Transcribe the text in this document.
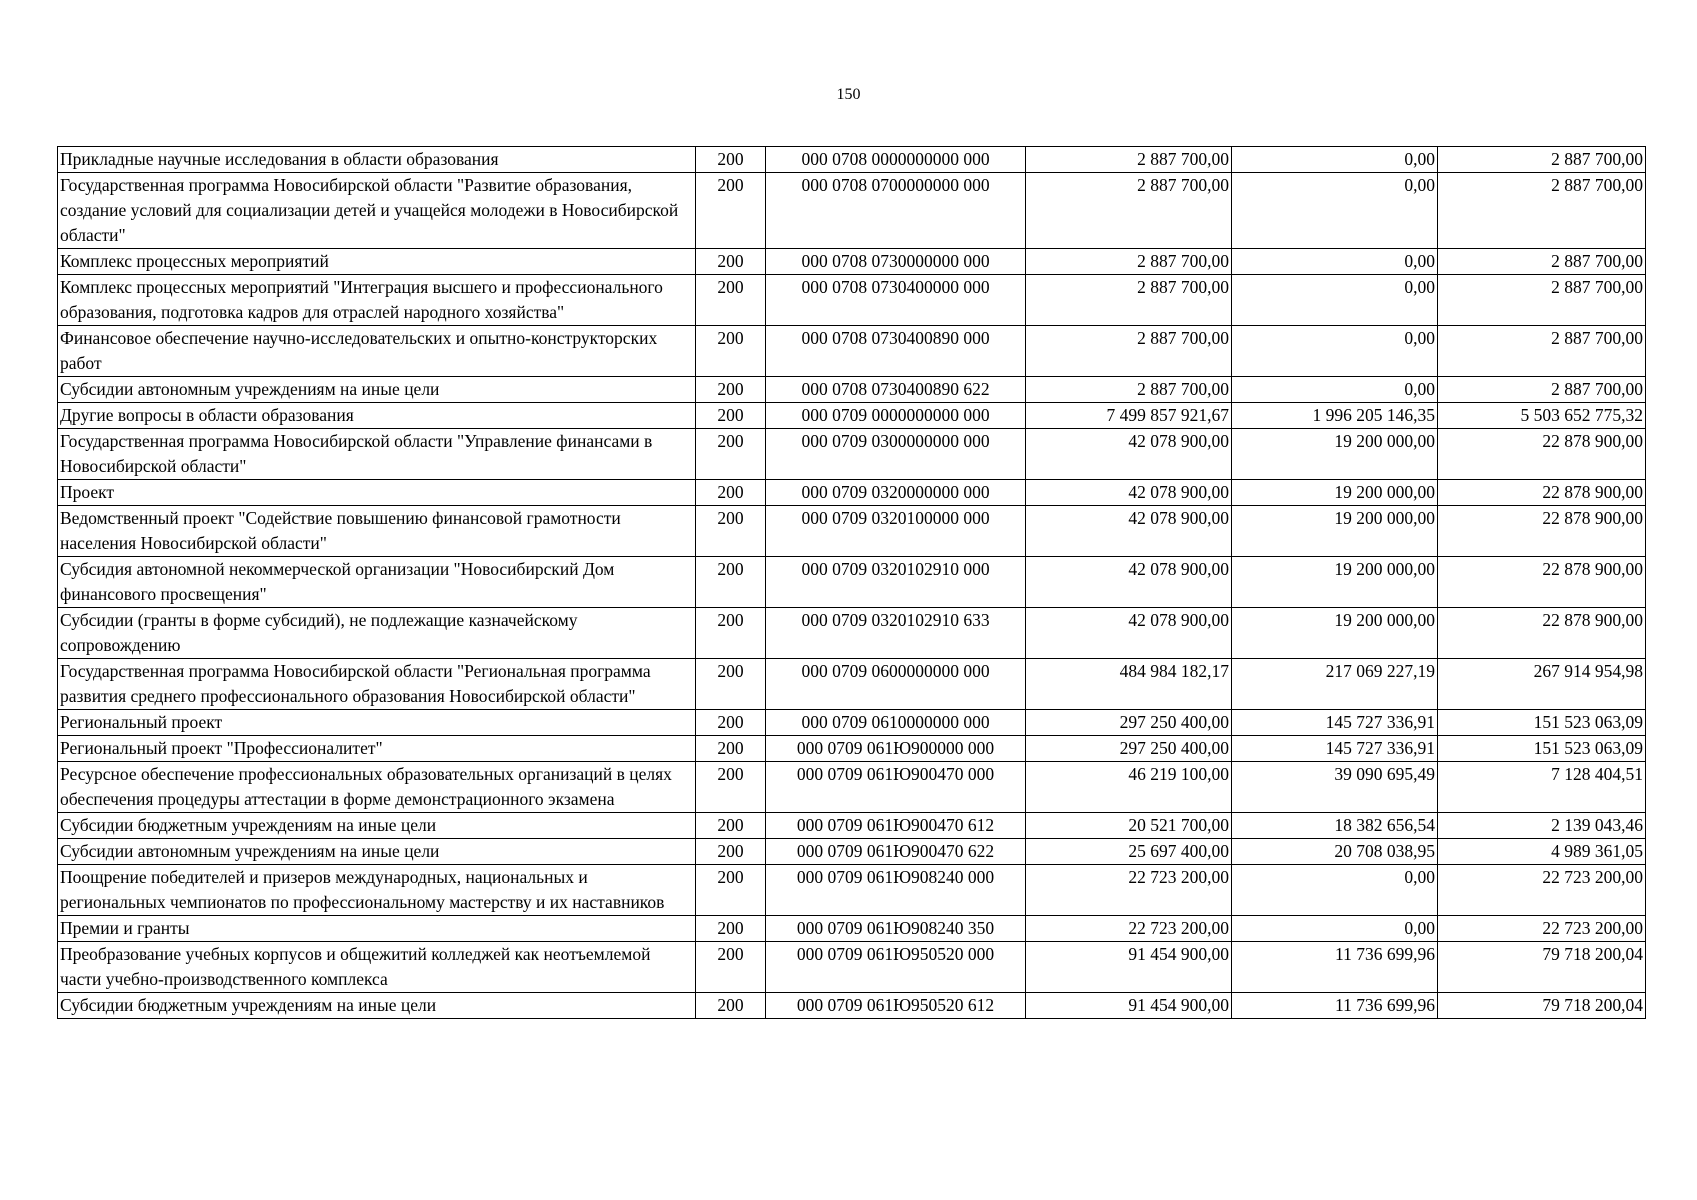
150
Прикладные научные исследования в области образования	200	000 0708 0000000000 000	2 887 700,00	0,00	2 887 700,00
Государственная программа Новосибирской области "Развитие образования, создание условий для социализации детей и учащейся молодежи в Новосибирской области"	200	000 0708 0700000000 000	2 887 700,00	0,00	2 887 700,00
Комплекс процессных мероприятий	200	000 0708 0730000000 000	2 887 700,00	0,00	2 887 700,00
Комплекс процессных мероприятий "Интеграция высшего и профессионального образования, подготовка кадров для отраслей народного хозяйства"	200	000 0708 0730400000 000	2 887 700,00	0,00	2 887 700,00
Финансовое обеспечение научно-исследовательских и опытно-конструкторских работ	200	000 0708 0730400890 000	2 887 700,00	0,00	2 887 700,00
Субсидии автономным учреждениям на иные цели	200	000 0708 0730400890 622	2 887 700,00	0,00	2 887 700,00
Другие вопросы в области образования	200	000 0709 0000000000 000	7 499 857 921,67	1 996 205 146,35	5 503 652 775,32
Государственная программа Новосибирской области "Управление финансами в Новосибирской области"	200	000 0709 0300000000 000	42 078 900,00	19 200 000,00	22 878 900,00
Проект	200	000 0709 0320000000 000	42 078 900,00	19 200 000,00	22 878 900,00
Ведомственный проект "Содействие повышению финансовой грамотности населения Новосибирской области"	200	000 0709 0320100000 000	42 078 900,00	19 200 000,00	22 878 900,00
Субсидия автономной некоммерческой организации "Новосибирский Дом финансового просвещения"	200	000 0709 0320102910 000	42 078 900,00	19 200 000,00	22 878 900,00
Субсидии (гранты в форме субсидий), не подлежащие казначейскому сопровождению	200	000 0709 0320102910 633	42 078 900,00	19 200 000,00	22 878 900,00
Государственная программа Новосибирской области "Региональная программа развития среднего профессионального образования Новосибирской области"	200	000 0709 0600000000 000	484 984 182,17	217 069 227,19	267 914 954,98
Региональный проект	200	000 0709 0610000000 000	297 250 400,00	145 727 336,91	151 523 063,09
Региональный проект "Профессионалитет"	200	000 0709 061Ю900000 000	297 250 400,00	145 727 336,91	151 523 063,09
Ресурсное обеспечение профессиональных образовательных организаций в целях обеспечения процедуры аттестации в форме демонстрационного экзамена	200	000 0709 061Ю900470 000	46 219 100,00	39 090 695,49	7 128 404,51
Субсидии бюджетным учреждениям на иные цели	200	000 0709 061Ю900470 612	20 521 700,00	18 382 656,54	2 139 043,46
Субсидии автономным учреждениям на иные цели	200	000 0709 061Ю900470 622	25 697 400,00	20 708 038,95	4 989 361,05
Поощрение победителей и призеров международных, национальных и региональных чемпионатов по профессиональному мастерству и их наставников	200	000 0709 061Ю908240 000	22 723 200,00	0,00	22 723 200,00
Премии и гранты	200	000 0709 061Ю908240 350	22 723 200,00	0,00	22 723 200,00
Преобразование учебных корпусов и общежитий колледжей как неотъемлемой части учебно-производственного комплекса	200	000 0709 061Ю950520 000	91 454 900,00	11 736 699,96	79 718 200,04
Субсидии бюджетным учреждениям на иные цели	200	000 0709 061Ю950520 612	91 454 900,00	11 736 699,96	79 718 200,04
